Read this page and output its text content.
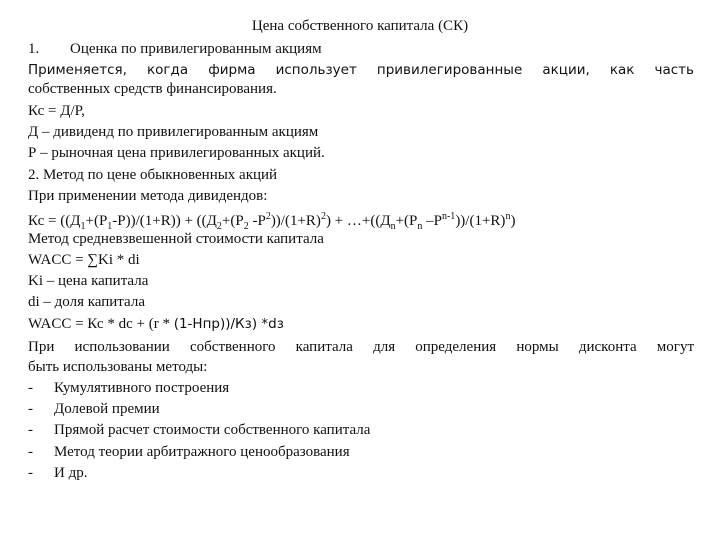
Цена собственного капитала (СК)
1. Оценка по привилегированным акциям
Применяется, когда фирма использует привилегированные акции, как часть
собственных средств финансирования.
Кс = Д/Р,
Д – дивиденд по привилегированным акциям
Р – рыночная цена привилегированных акций.
2. Метод по цене обыкновенных акций
При применении метода дивидендов:
Кс = $((Д_1+(Р_1-Р))/(1+R)) + ((Д_2+(Р_2$ $-Р^2))/(1+R)^2$) + $\dots+((Д_n+(Р_n$ $-Р^{n-1}))/(1+R)^n$)
Метод средневзвешенной стоимости капитала
WACC = ∑Ki * di
Ki – цена капитала
di – доля капитала
WACC = Кс * dс + (r * (1-Нпр))/Кз) *dз
При использовании собственного капитала для определения нормы дисконта могут
быть использованы методы:
- Кумулятивного построения
- Долевой премии
- Прямой расчет стоимости собственного капитала
- Метод теории арбитражного ценообразования
- И др.
